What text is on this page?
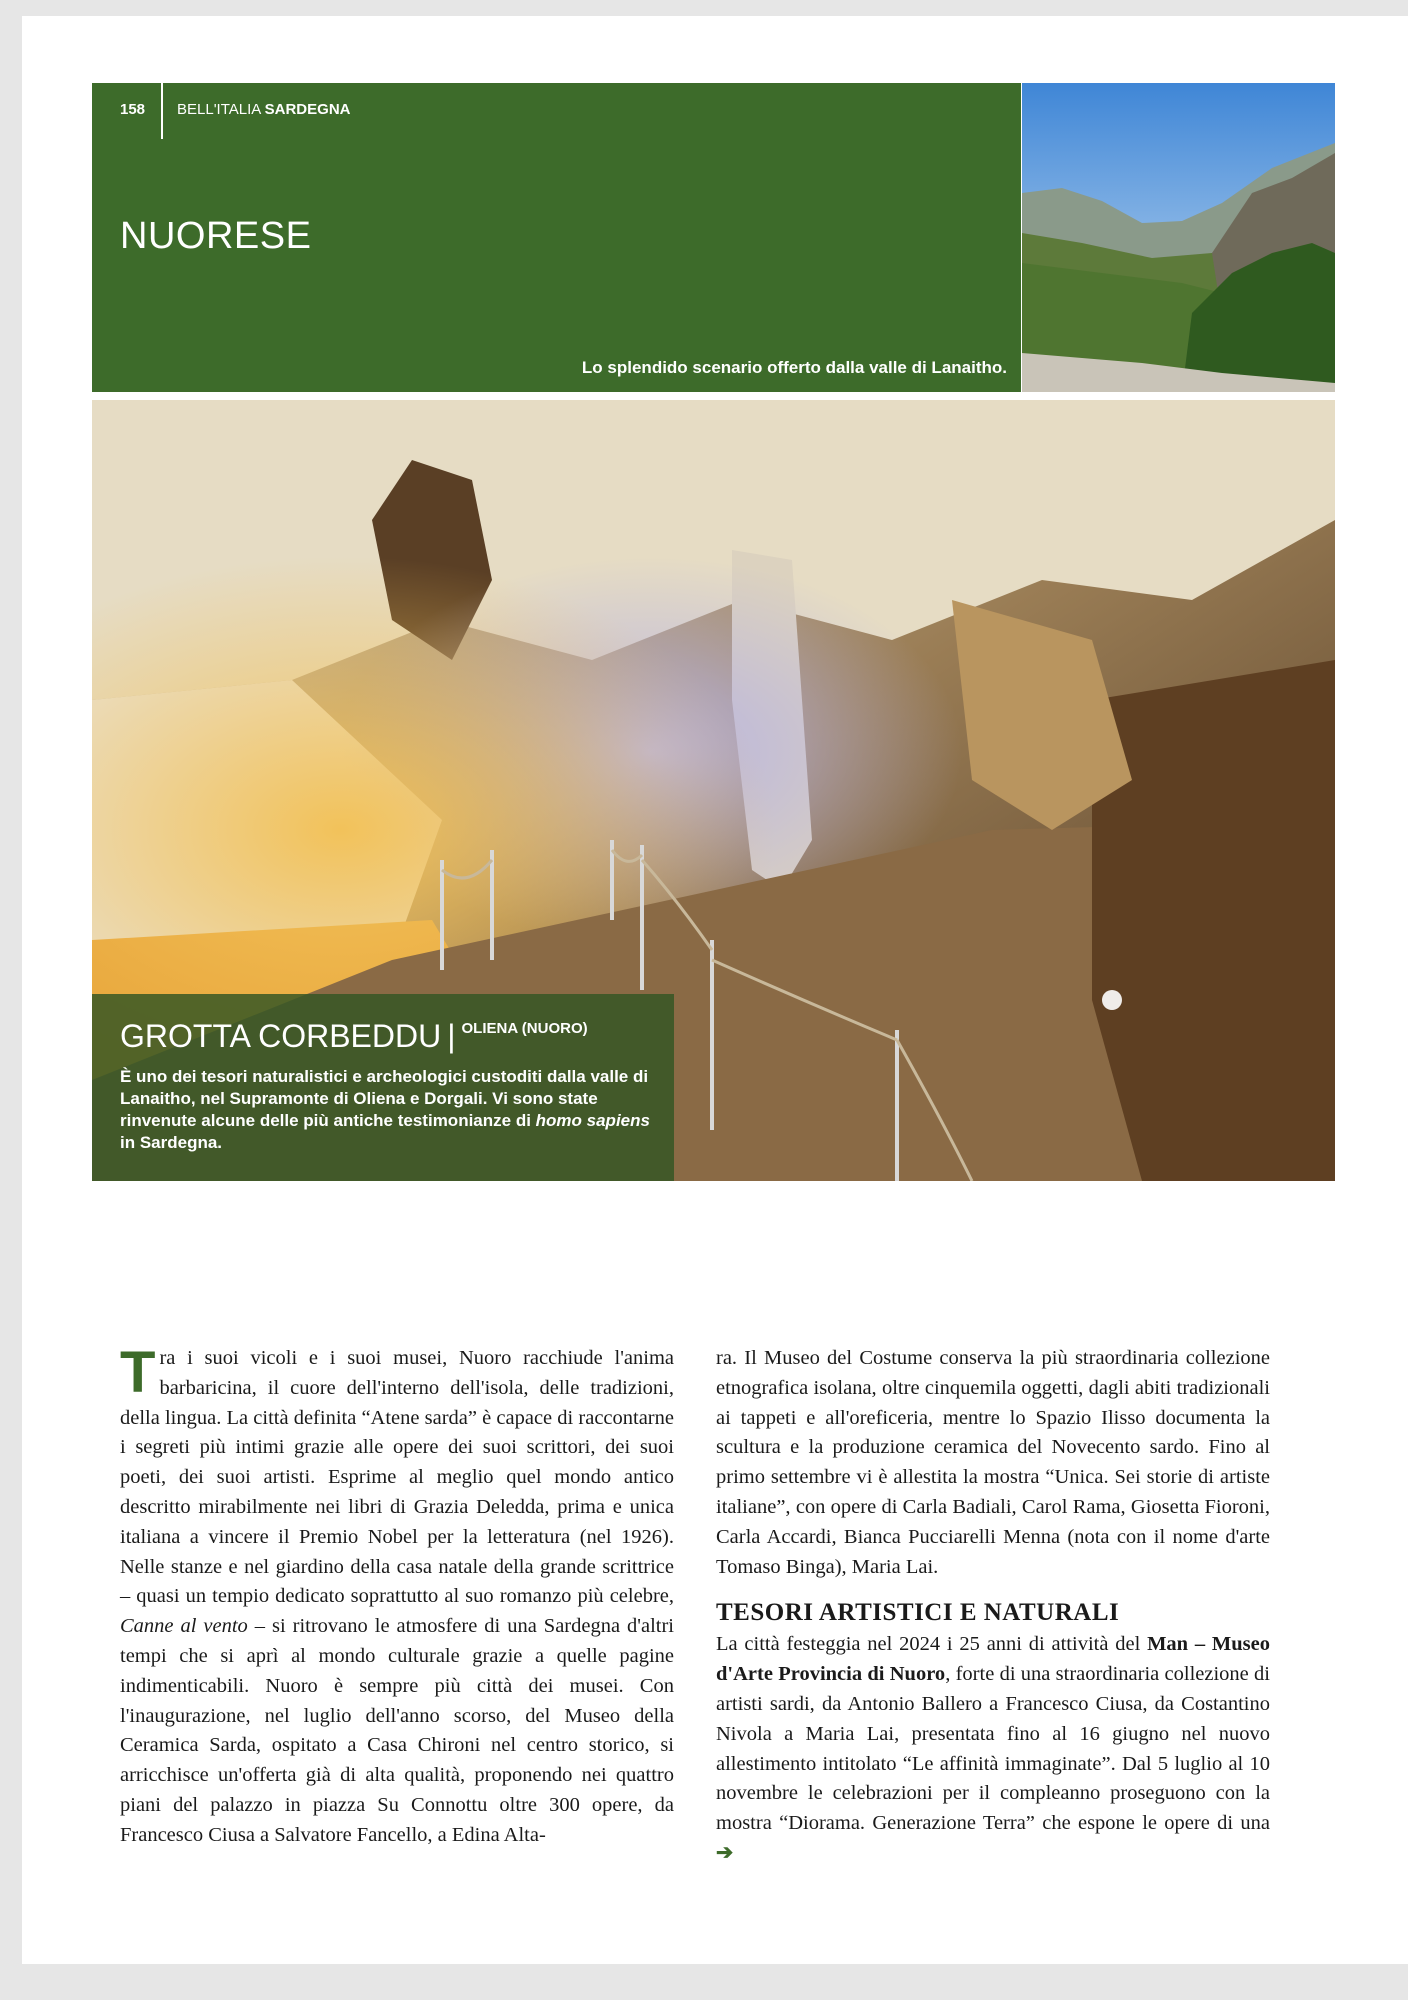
158 BELL'ITALIA SARDEGNA
NUORESE
Lo splendido scenario offerto dalla valle di Lanaitho.
GROTTA CORBEDDU | $^{OLIENA (NUORO)}$
È uno dei tesori naturalistici e archeologici custoditi dalla valle di Lanaitho, nel Supramonte di Oliena e Dorgali. Vi sono state rinvenute alcune delle più antiche testimonianze di homo sapiens in Sardegna.

Tra i suoi vicoli e i suoi musei, Nuoro racchiude l'anima barbaricina, il cuore dell'interno dell'isola, delle tradizioni, della lingua. La città definita “Atene sarda” è capace di raccontarne i segreti più intimi grazie alle opere dei suoi scrittori, dei suoi poeti, dei suoi artisti. Esprime al meglio quel mondo antico descritto mirabilmente nei libri di Grazia Deledda, prima e unica italiana a vincere il Premio Nobel per la letteratura (nel 1926). Nelle stanze e nel giardino della casa natale della grande scrittrice – quasi un tempio dedicato soprattutto al suo romanzo più celebre, Canne al vento – si ritrovano le atmosfere di una Sardegna d'altri tempi che si aprì al mondo culturale grazie a quelle pagine indimenticabili. Nuoro è sempre più città dei musei. Con l'inaugurazione, nel luglio dell'anno scorso, del Museo della Ceramica Sarda, ospitato a Casa Chironi nel centro storico, si arricchisce un'offerta già di alta qualità, proponendo nei quattro piani del palazzo in piazza Su Connottu oltre 300 opere, da Francesco Ciusa a Salvatore Fancello, a Edina Alta-

ra. Il Museo del Costume conserva la più straordinaria collezione etnografica isolana, oltre cinquemila oggetti, dagli abiti tradizionali ai tappeti e all'oreficeria, mentre lo Spazio Ilisso documenta la scultura e la produzione ceramica del Novecento sardo. Fino al primo settembre vi è allestita la mostra “Unica. Sei storie di artiste italiane”, con opere di Carla Badiali, Carol Rama, Giosetta Fioroni, Carla Accardi, Bianca Pucciarelli Menna (nota con il nome d'arte Tomaso Binga), Maria Lai.

TESORI ARTISTICI E NATURALI

La città festeggia nel 2024 i 25 anni di attività del Man – Museo d'Arte Provincia di Nuoro, forte di una straordinaria collezione di artisti sardi, da Antonio Ballero a Francesco Ciusa, da Costantino Nivola a Maria Lai, presentata fino al 16 giugno nel nuovo allestimento intitolato “Le affinità immaginate”. Dal 5 luglio al 10 novembre le celebrazioni per il compleanno proseguono con la mostra “Diorama. Generazione Terra” che espone le opere di una ➔
